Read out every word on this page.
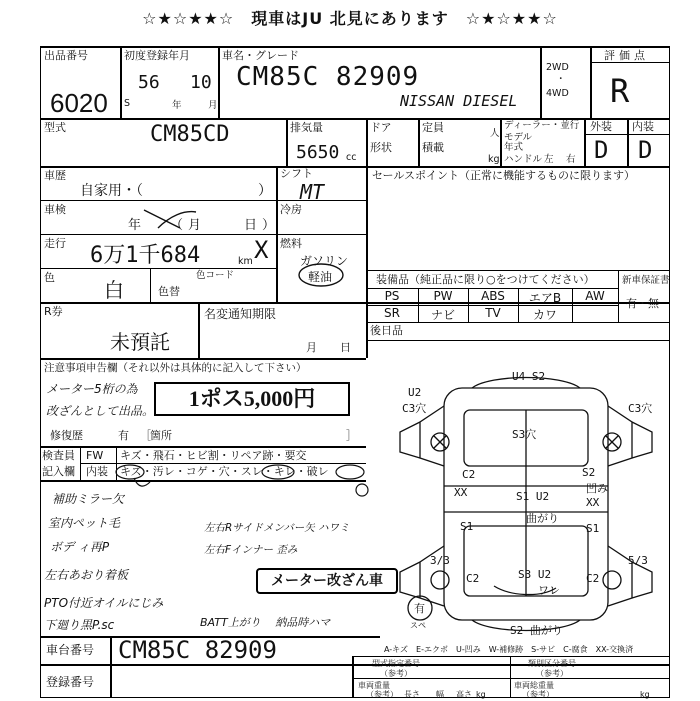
☆★☆★★☆　現車はJU 北見にあります　☆★☆★★☆
出品番号
6020
初度登録年月
56 10
S	年	月
車名・グレード
CM85C 82909
NISSAN DIESEL
2WD
・
4WD
評価点
R
型式	CM85CD	排気量
5650 cc
ドア
形状
定員	人
積載
kg
ディーラー・並行
モデル
年式
ハンドル 左 右
外装 内装
D D
車歴
自家用・（	）
シフト
MT
車検
年	月	日
（	）
冷房
走行 6万1千684	km X 燃料
ガソリン
軽油
色
白	色替
色コード
セールスポイント（正常に機能するものに限ります）
装備品（純正品に限り○をつけてください）	新車保証書
有・無
PS	PW	ABS	エアB	AW
SR	ナビ	TV	カワ
後日品
R券
未預託
名変通知期限
月 日
注意事項申告欄（それ以外は具体的に記入して下さい）
メーター5桁の為
改ざんとして出品。	1ポス5,000円
修復歴	有 箇所
［	］
検査員
記入欄
FW キズ・飛石・ヒビ割・リペア跡・要交
内装 キズ・汚レ・コゲ・穴・スレ・キレ・破レ
補助ミラー欠
室内ペット毛
ボデ ィ再P
左右あおり着板
PTO付近オイルにじみ
下廻り黒P.sc
左右Rサイドメンバー矢 ハワミ
左右Fインナー 歪み
BATT上がり 　納品時ハマ
メーター改ざん車
U2
C3穴
U4 S2
C3穴
S3穴
C2
XX	S1 U2
S2
凹み
XX
曲がり
S1	S1
C2	S3 U2	C2
3/3	5/3
ワレ
S2 曲がり
有
スペ
A-キズ　E-エクボ　U-凹み　W-補修跡　S-サビ　C-腐食　XX-交換済
車台番号 CM85C 82909
登録番号
型式指定番号
（参考）
類別区分番号
（参考）
車両重量
（参考）	kg
車両総重量
（参考）	kg
長さ 幅 高さ
